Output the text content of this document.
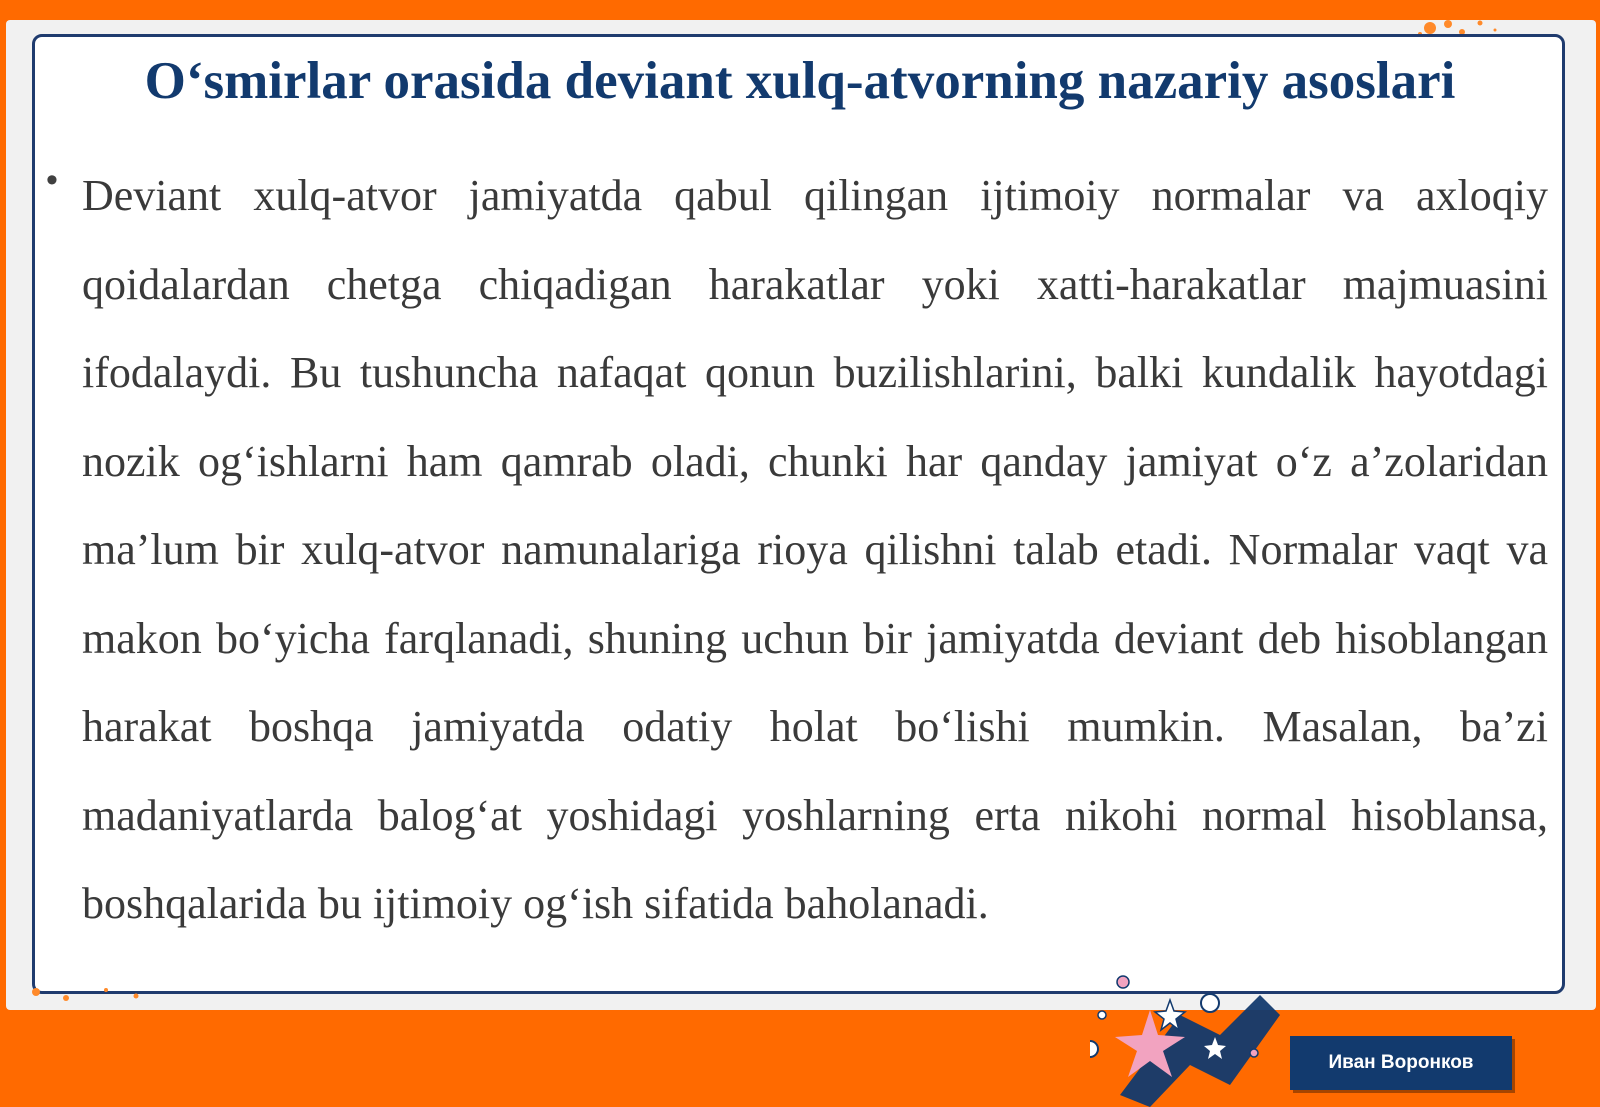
O‘smirlar orasida deviant xulq-atvorning nazariy asoslari
• Deviant xulq-atvor jamiyatda qabul qilingan ijtimoiy normalar va axloqiy qoidalardan chetga chiqadigan harakatlar yoki xatti-harakatlar majmuasini ifodalaydi. Bu tushuncha nafaqat qonun buzilishlarini, balki kundalik hayotdagi nozik og‘ishlarni ham qamrab oladi, chunki har qanday jamiyat o‘z a’zolaridan ma’lum bir xulq-atvor namunalariga rioya qilishni talab etadi. Normalar vaqt va makon bo‘yicha farqlanadi, shuning uchun bir jamiyatda deviant deb hisoblangan harakat boshqa jamiyatda odatiy holat bo‘lishi mumkin. Masalan, ba’zi madaniyatlarda balog‘at yoshidagi yoshlarning erta nikohi normal hisoblansa, boshqalarida bu ijtimoiy og‘ish sifatida baholanadi.

Иван Воронков
